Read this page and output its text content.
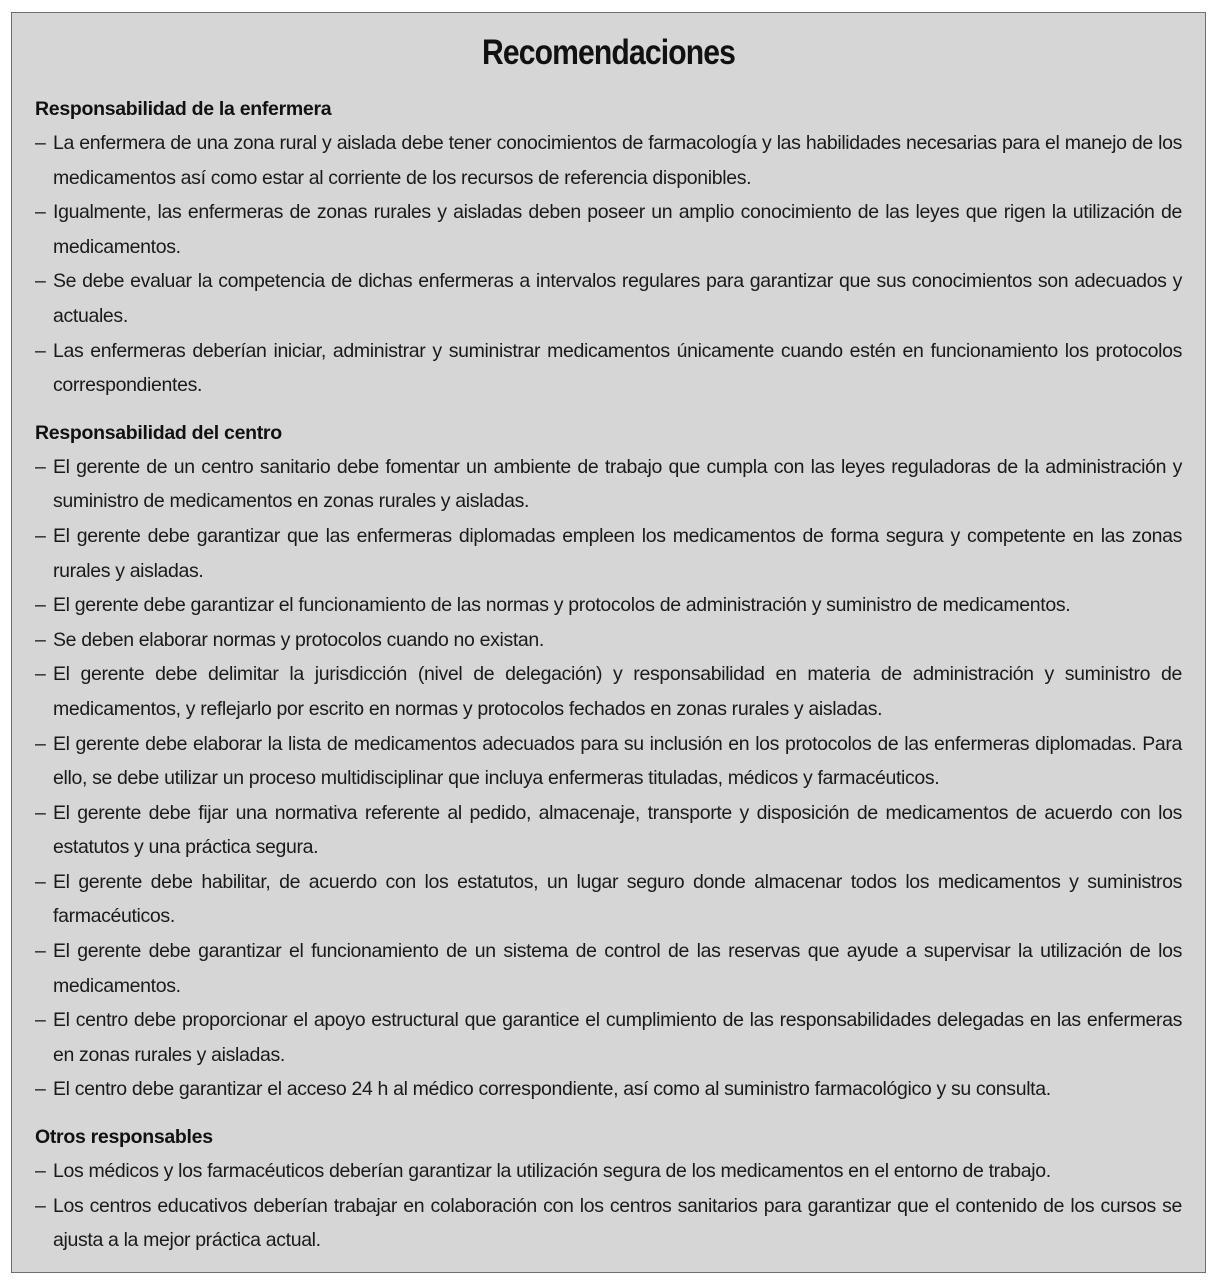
Recomendaciones
Responsabilidad de la enfermera
– La enfermera de una zona rural y aislada debe tener conocimientos de farmacología y las habilidades necesarias para el manejo de los medicamentos así como estar al corriente de los recursos de referencia disponibles.
– Igualmente, las enfermeras de zonas rurales y aisladas deben poseer un amplio conocimiento de las leyes que rigen la utilización de medicamentos.
– Se debe evaluar la competencia de dichas enfermeras a intervalos regulares para garantizar que sus conocimientos son adecuados y actuales.
– Las enfermeras deberían iniciar, administrar y suministrar medicamentos únicamente cuando estén en funcionamiento los protocolos correspondientes.
Responsabilidad del centro
– El gerente de un centro sanitario debe fomentar un ambiente de trabajo que cumpla con las leyes reguladoras de la administración y suministro de medicamentos en zonas rurales y aisladas.
– El gerente debe garantizar que las enfermeras diplomadas empleen los medicamentos de forma segura y competente en las zonas rurales y aisladas.
– El gerente debe garantizar el funcionamiento de las normas y protocolos de administración y suministro de medicamentos.
– Se deben elaborar normas y protocolos cuando no existan.
– El gerente debe delimitar la jurisdicción (nivel de delegación) y responsabilidad en materia de administración y suministro de medicamentos, y reflejarlo por escrito en normas y protocolos fechados en zonas rurales y aisladas.
– El gerente debe elaborar la lista de medicamentos adecuados para su inclusión en los protocolos de las enfermeras diplomadas. Para ello, se debe utilizar un proceso multidisciplinar que incluya enfermeras tituladas, médicos y farmacéuticos.
– El gerente debe fijar una normativa referente al pedido, almacenaje, transporte y disposición de medicamentos de acuerdo con los estatutos y una práctica segura.
– El gerente debe habilitar, de acuerdo con los estatutos, un lugar seguro donde almacenar todos los medicamentos y suministros farmacéuticos.
– El gerente debe garantizar el funcionamiento de un sistema de control de las reservas que ayude a supervisar la utilización de los medicamentos.
– El centro debe proporcionar el apoyo estructural que garantice el cumplimiento de las responsabilidades delegadas en las enfermeras en zonas rurales y aisladas.
– El centro debe garantizar el acceso 24 h al médico correspondiente, así como al suministro farmacológico y su consulta.
Otros responsables
– Los médicos y los farmacéuticos deberían garantizar la utilización segura de los medicamentos en el entorno de trabajo.
– Los centros educativos deberían trabajar en colaboración con los centros sanitarios para garantizar que el contenido de los cursos se ajusta a la mejor práctica actual.
